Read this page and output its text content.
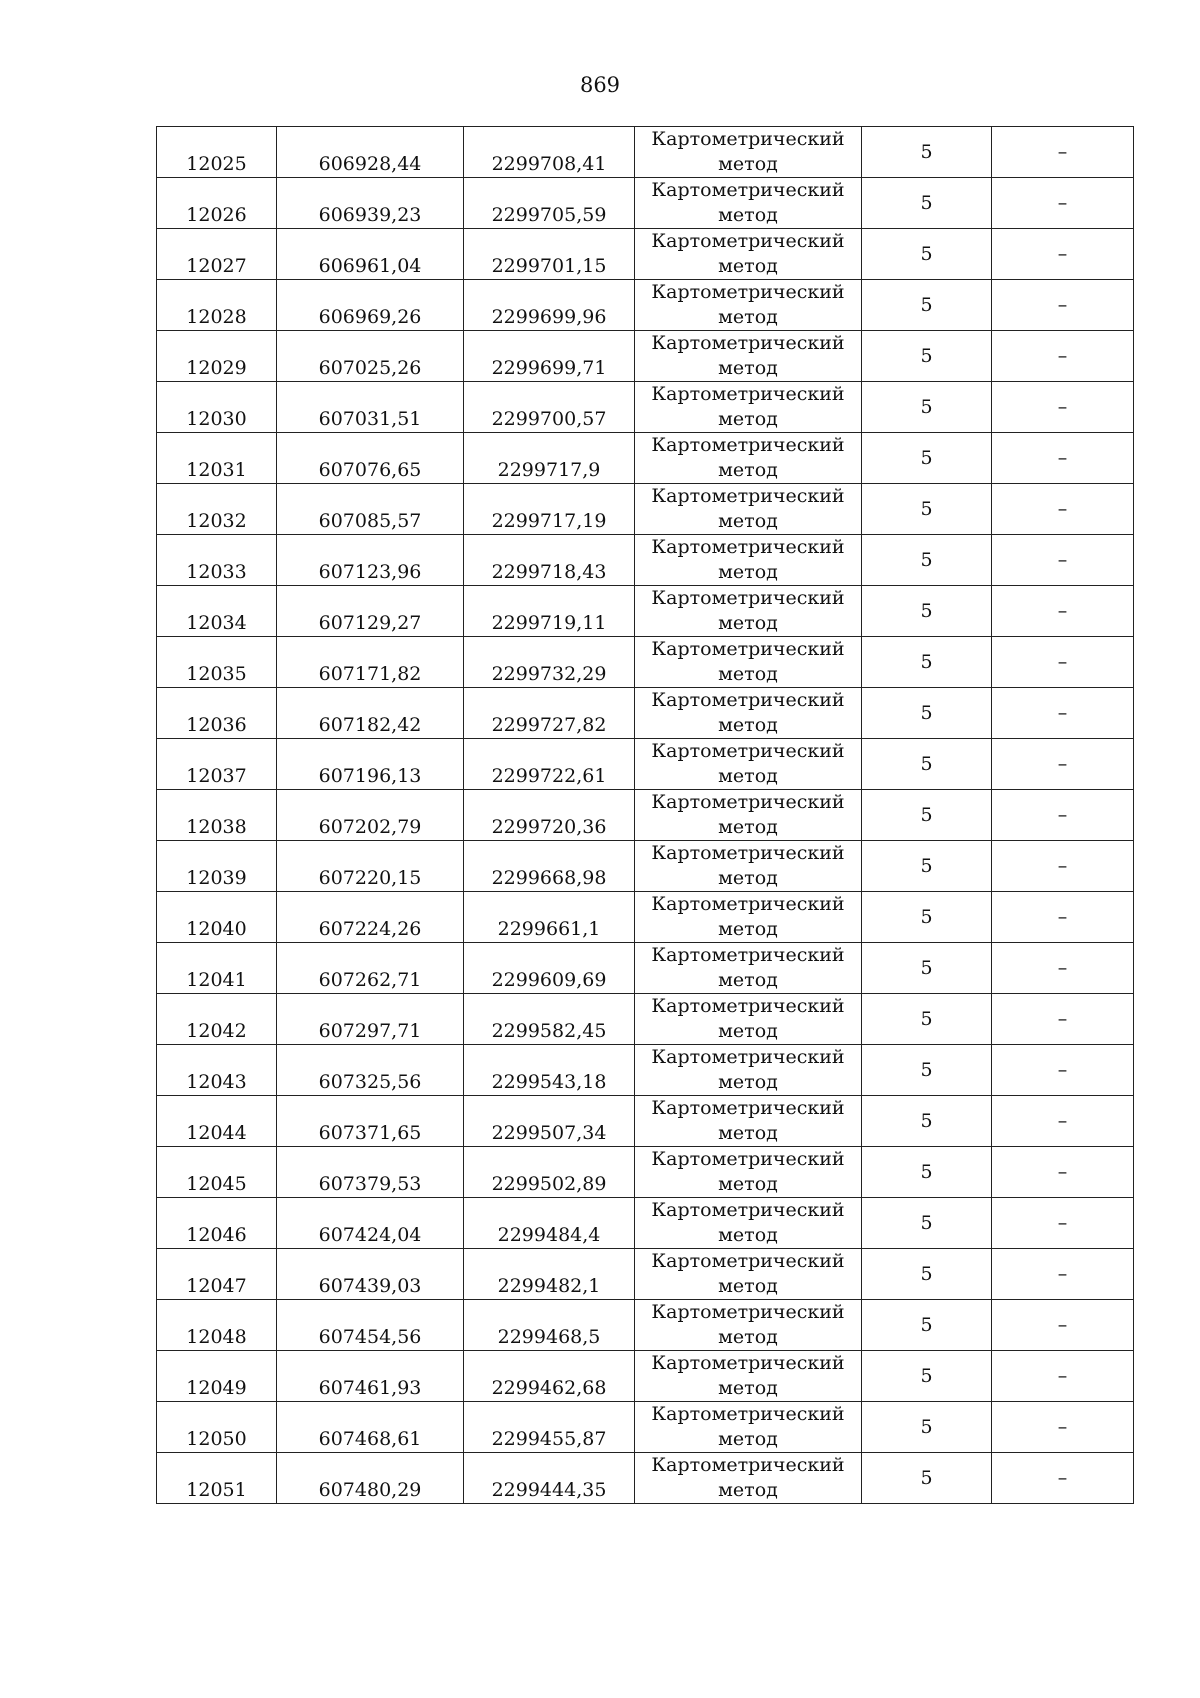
869
12025	606928,44	2299708,41	Картометрический
метод	5	–

12026	606939,23	2299705,59	Картометрический
метод	5	–

12027	606961,04	2299701,15	Картометрический
метод	5	–

12028	606969,26	2299699,96	Картометрический
метод	5	–

12029	607025,26	2299699,71	Картометрический
метод	5	–

12030	607031,51	2299700,57	Картометрический
метод	5	–

12031	607076,65	2299717,9	Картометрический
метод	5	–

12032	607085,57	2299717,19	Картометрический
метод	5	–

12033	607123,96	2299718,43	Картометрический
метод	5	–

12034	607129,27	2299719,11	Картометрический
метод	5	–

12035	607171,82	2299732,29	Картометрический
метод	5	–

12036	607182,42	2299727,82	Картометрический
метод	5	–

12037	607196,13	2299722,61	Картометрический
метод	5	–

12038	607202,79	2299720,36	Картометрический
метод	5	–

12039	607220,15	2299668,98	Картометрический
метод	5	–

12040	607224,26	2299661,1	Картометрический
метод	5	–

12041	607262,71	2299609,69	Картометрический
метод	5	–

12042	607297,71	2299582,45	Картометрический
метод	5	–

12043	607325,56	2299543,18	Картометрический
метод	5	–

12044	607371,65	2299507,34	Картометрический
метод	5	–

12045	607379,53	2299502,89	Картометрический
метод	5	–

12046	607424,04	2299484,4	Картометрический
метод	5	–

12047	607439,03	2299482,1	Картометрический
метод	5	–

12048	607454,56	2299468,5	Картометрический
метод	5	–

12049	607461,93	2299462,68	Картометрический
метод	5	–

12050	607468,61	2299455,87	Картометрический
метод	5	–

12051	607480,29	2299444,35	Картометрический
метод	5	–
